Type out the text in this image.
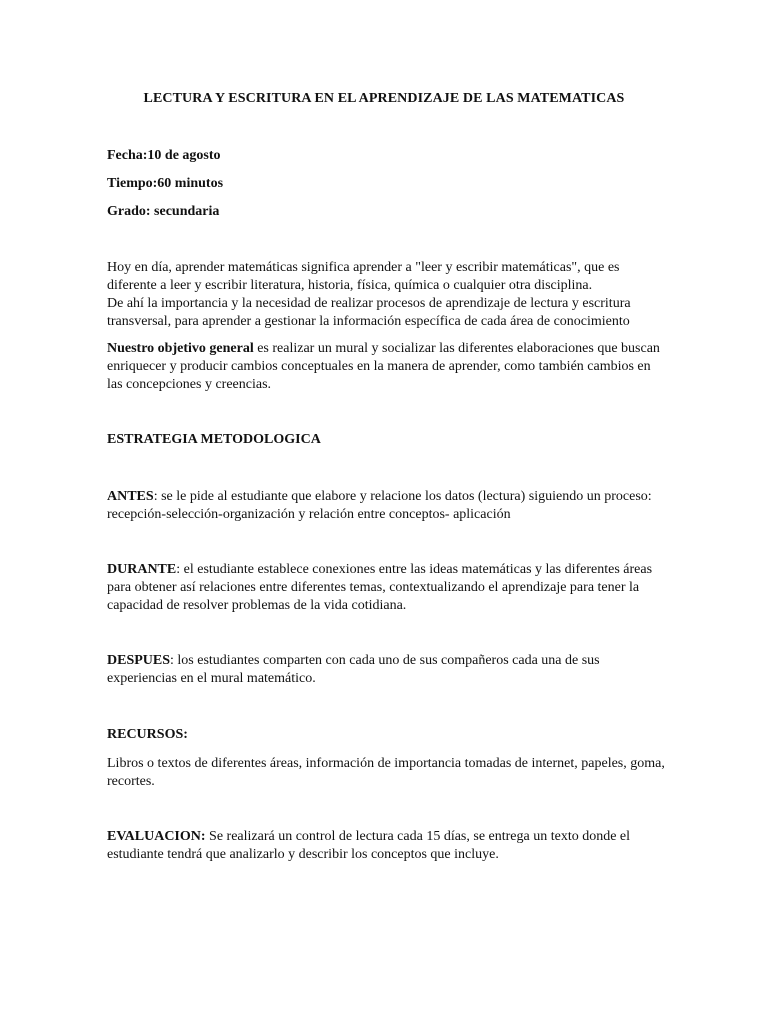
LECTURA Y ESCRITURA EN EL APRENDIZAJE DE LAS MATEMATICAS
Fecha:10 de agosto
Tiempo:60 minutos
Grado: secundaria
Hoy en día, aprender matemáticas significa aprender a "leer y escribir matemáticas", que es
diferente a leer y escribir literatura, historia, física, química o cualquier otra disciplina.
De ahí la importancia y la necesidad de realizar procesos de aprendizaje de lectura y escritura
transversal, para aprender a gestionar la información específica de cada área de conocimiento
Nuestro objetivo general es realizar un mural y socializar las diferentes elaboraciones que buscan
enriquecer y producir cambios conceptuales en la manera de aprender, como también cambios en
las concepciones y creencias.
ESTRATEGIA METODOLOGICA
ANTES: se le pide al estudiante que elabore y relacione los datos (lectura) siguiendo un proceso:
recepción-selección-organización y relación entre conceptos- aplicación
DURANTE: el estudiante establece conexiones entre las ideas matemáticas y las diferentes áreas
para obtener así relaciones entre diferentes temas, contextualizando el aprendizaje para tener la
capacidad de resolver problemas de la vida cotidiana.
DESPUES: los estudiantes comparten con cada uno de sus compañeros cada una de sus
experiencias en el mural matemático.
RECURSOS:
Libros o textos de diferentes áreas, información de importancia tomadas de internet, papeles, goma,
recortes.
EVALUACION: Se realizará un control de lectura cada 15 días, se entrega un texto donde el
estudiante tendrá que analizarlo y describir los conceptos que incluye.
